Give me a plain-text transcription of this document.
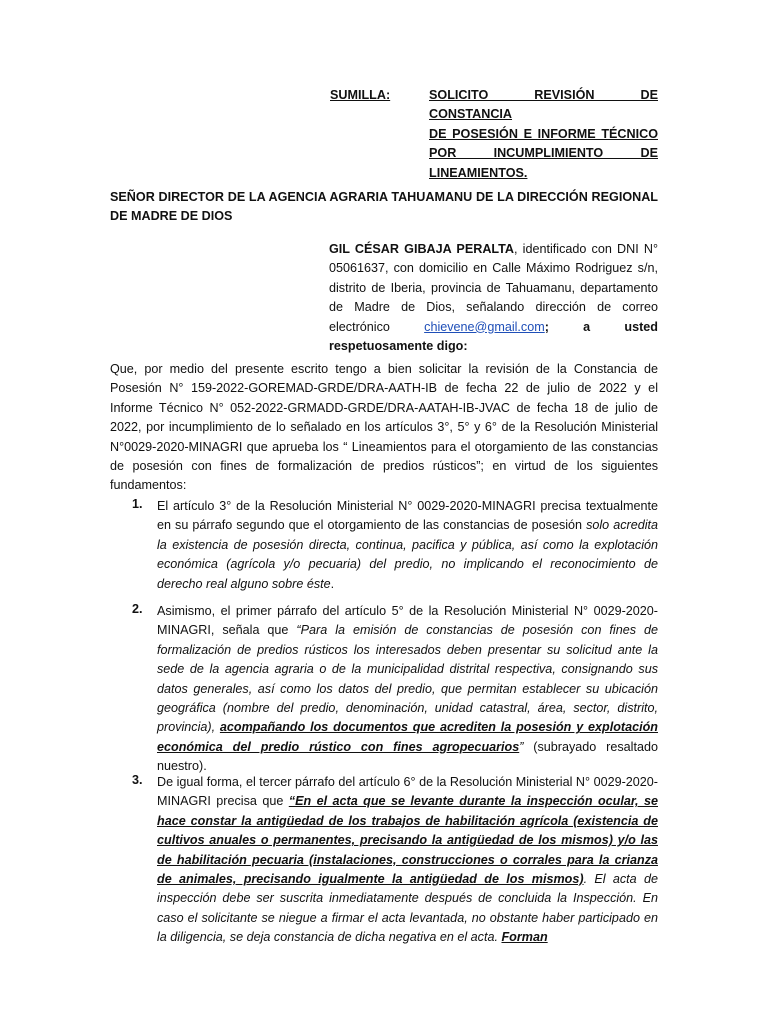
SUMILLA:	SOLICITO REVISIÓN DE CONSTANCIA
DE POSESIÓN E INFORME TÉCNICO
POR INCUMPLIMIENTO DE
LINEAMIENTOS.
SEÑOR DIRECTOR DE LA AGENCIA AGRARIA TAHUAMANU DE LA DIRECCIÓN REGIONAL DE MADRE DE DIOS
GIL CÉSAR GIBAJA PERALTA, identificado con DNI N° 05061637, con domicilio en Calle Máximo Rodriguez s/n, distrito de Iberia, provincia de Tahuamanu, departamento de Madre de Dios, señalando dirección de correo electrónico chievene@gmail.com; a usted respetuosamente digo:
Que, por medio del presente escrito tengo a bien solicitar la revisión de la Constancia de Posesión N° 159-2022-GOREMAD-GRDE/DRA-AATH-IB de fecha 22 de julio de 2022 y el Informe Técnico N° 052-2022-GRMADD-GRDE/DRA-AATAH-IB-JVAC de fecha 18 de julio de 2022, por incumplimiento de lo señalado en los artículos 3°, 5° y 6° de la Resolución Ministerial N°0029-2020-MINAGRI que aprueba los “ Lineamientos para el otorgamiento de las constancias de posesión con fines de formalización de predios rústicos”; en virtud de los siguientes fundamentos:
1. El artículo 3° de la Resolución Ministerial N° 0029-2020-MINAGRI precisa textualmente en su párrafo segundo que el otorgamiento de las constancias de posesión solo acredita la existencia de posesión directa, continua, pacifica y pública, así como la explotación económica (agrícola y/o pecuaria) del predio, no implicando el reconocimiento de derecho real alguno sobre éste.
2. Asimismo, el primer párrafo del artículo 5° de la Resolución Ministerial N° 0029-2020-MINAGRI, señala que “Para la emisión de constancias de posesión con fines de formalización de predios rústicos los interesados deben presentar su solicitud ante la sede de la agencia agraria o de la municipalidad distrital respectiva, consignando sus datos generales, así como los datos del predio, que permitan establecer su ubicación geográfica (nombre del predio, denominación, unidad catastral, área, sector, distrito, provincia), acompañando los documentos que acrediten la posesión y explotación económica del predio rústico con fines agropecuarios” (subrayado resaltado nuestro).
3. De igual forma, el tercer párrafo del artículo 6° de la Resolución Ministerial N° 0029-2020-MINAGRI precisa que “En el acta que se levante durante la inspección ocular, se hace constar la antigüedad de los trabajos de habilitación agrícola (existencia de cultivos anuales o permanentes, precisando la antigüedad de los mismos) y/o las de habilitación pecuaria (instalaciones, construcciones o corrales para la crianza de animales, precisando igualmente la antigüedad de los mismos). El acta de inspección debe ser suscrita inmediatamente después de concluida la Inspección. En caso el solicitante se niegue a firmar el acta levantada, no obstante haber participado en la diligencia, se deja constancia de dicha negativa en el acta. Forman
